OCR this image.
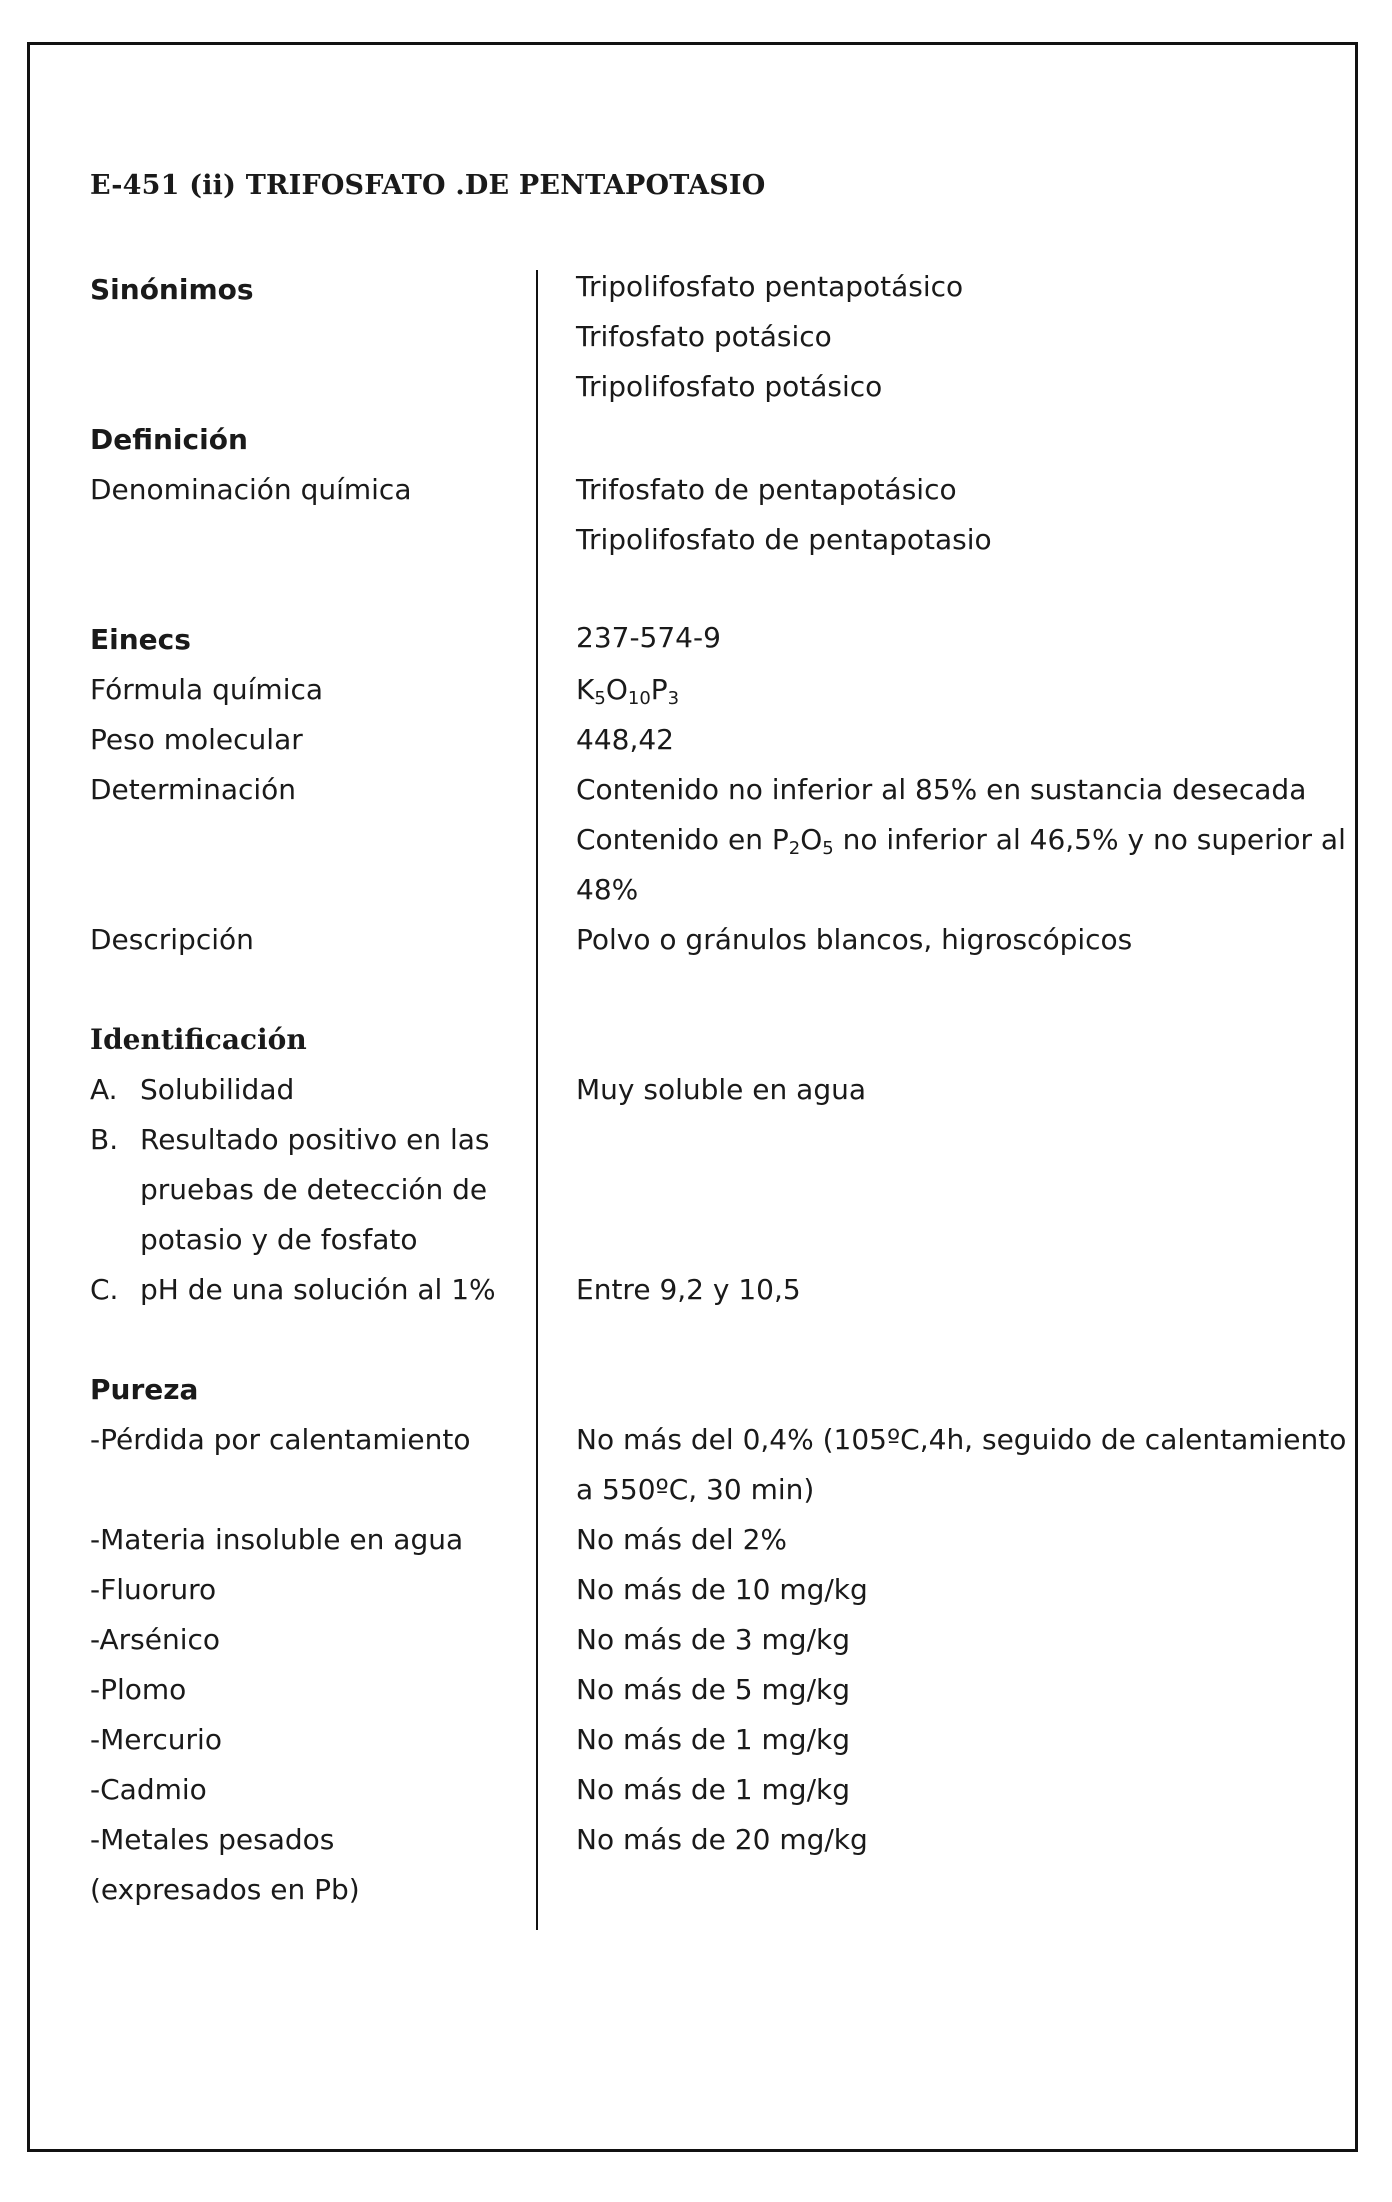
E-451 (ii) TRIFOSFATO .DE PENTAPOTASIO
Sinónimos	Tripolifosfato pentapotásico
Trifosfato potásico
Tripolifosfato potásico
Definición
Denominación química	Trifosfato de pentapotásico
Tripolifosfato de pentapotasio
Einecs	237-574-9
Fórmula química	$K_5O_{10}P_3$
Peso molecular	448,42
Determinación	Contenido no inferior al 85% en sustancia desecada
Contenido en $P_2O_5$ no inferior al 46,5% y no superior al
48%
Descripción	Polvo o gránulos blancos, higroscópicos
Identificación
A. Solubilidad	Muy soluble en agua
B. Resultado positivo en las
pruebas de detección de
potasio y de fosfato
C. pH de una solución al 1%	Entre 9,2 y 10,5
Pureza
-Pérdida por calentamiento	No más del 0,4% (105ºC,4h, seguido de calentamiento
a 550ºC, 30 min)
-Materia insoluble en agua	No más del 2%
-Fluoruro	No más de 10 mg/kg
-Arsénico	No más de 3 mg/kg
-Plomo	No más de 5 mg/kg
-Mercurio	No más de 1 mg/kg
-Cadmio	No más de 1 mg/kg
-Metales pesados	No más de 20 mg/kg
(expresados en Pb)
